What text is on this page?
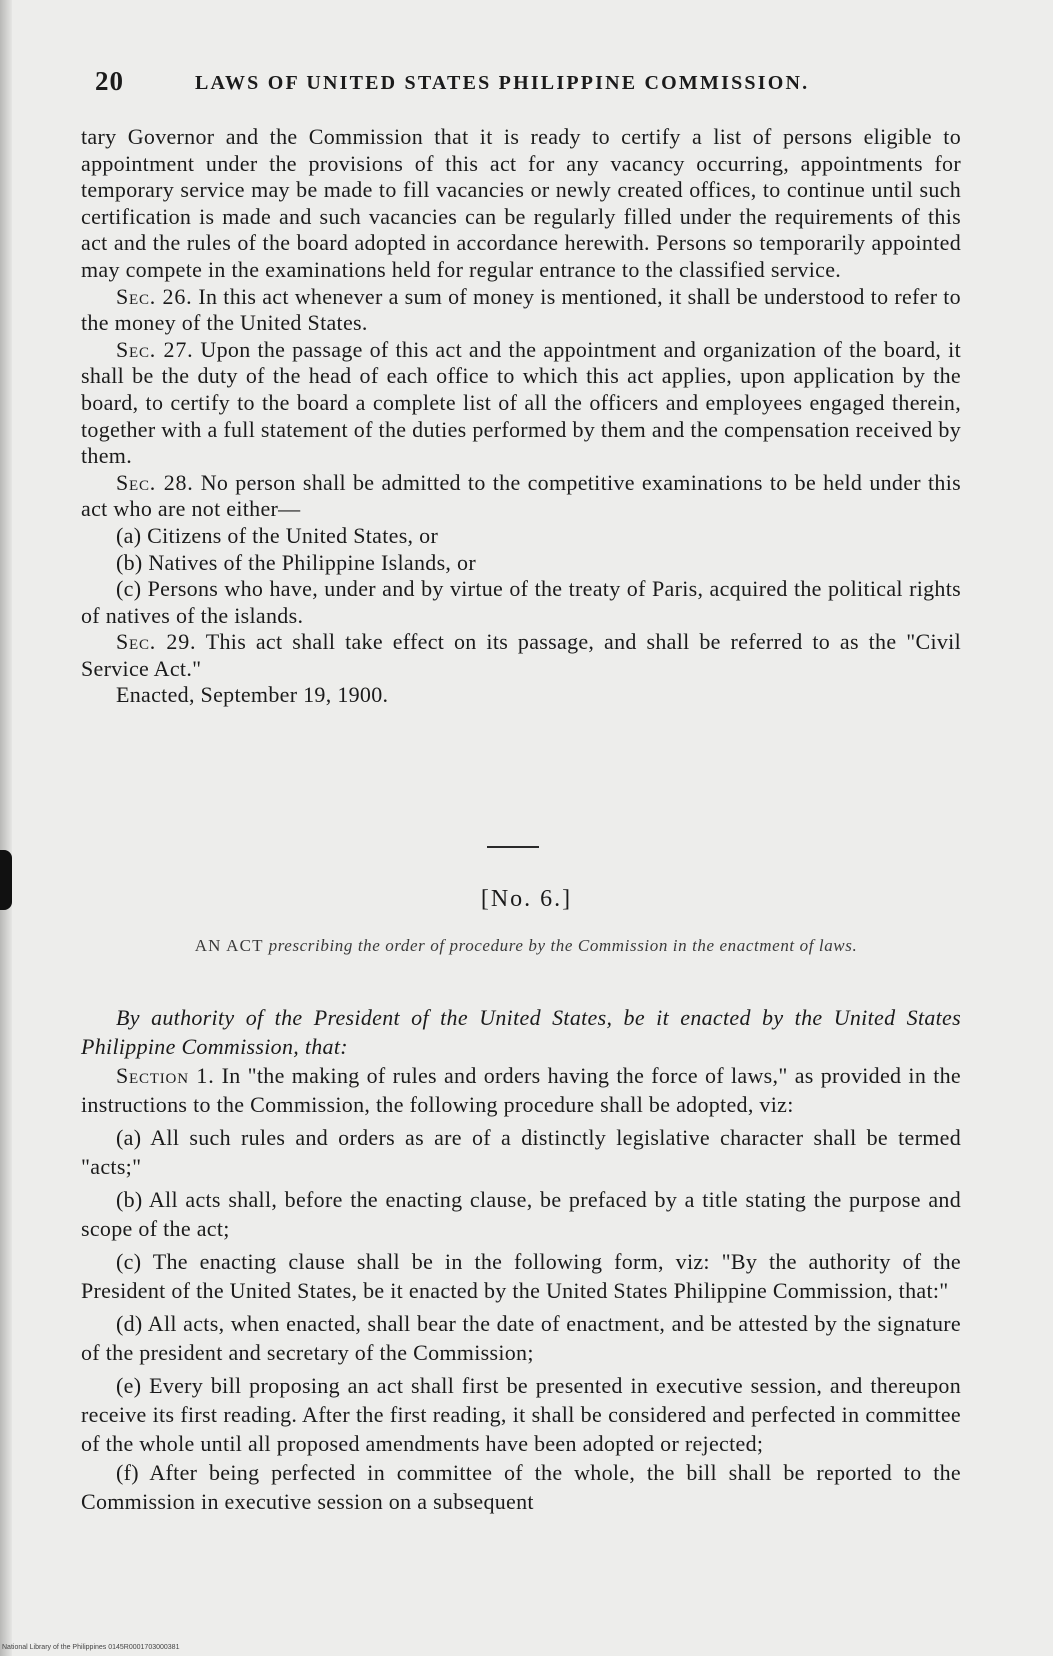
20	LAWS OF UNITED STATES PHILIPPINE COMMISSION.

tary Governor and the Commission that it is ready to certify a list of persons eligible to appointment under the provisions of this act for any vacancy occurring, appointments for temporary service may be made to fill vacancies or newly created offices, to continue until such certification is made and such vacancies can be regularly filled under the requirements of this act and the rules of the board adopted in accordance herewith. Persons so temporarily appointed may compete in the examinations held for regular entrance to the classified service.

Sec. 26. In this act whenever a sum of money is mentioned, it shall be understood to refer to the money of the United States.

Sec. 27. Upon the passage of this act and the appointment and organization of the board, it shall be the duty of the head of each office to which this act applies, upon application by the board, to certify to the board a complete list of all the officers and employees engaged therein, together with a full statement of the duties performed by them and the compensation received by them.

Sec. 28. No person shall be admitted to the competitive examinations to be held under this act who are not either—

(a) Citizens of the United States, or

(b) Natives of the Philippine Islands, or

(c) Persons who have, under and by virtue of the treaty of Paris, acquired the political rights of natives of the islands.

Sec. 29. This act shall take effect on its passage, and shall be referred to as the "Civil Service Act."

Enacted, September 19, 1900.

[No. 6.]
AN ACT prescribing the order of procedure by the Commission in the enactment of laws.

By authority of the President of the United States, be it enacted by the United States Philippine Commission, that:

Section 1. In "the making of rules and orders having the force of laws," as provided in the instructions to the Commission, the following procedure shall be adopted, viz:

(a) All such rules and orders as are of a distinctly legislative character shall be termed "acts;"

(b) All acts shall, before the enacting clause, be prefaced by a title stating the purpose and scope of the act;

(c) The enacting clause shall be in the following form, viz: "By the authority of the President of the United States, be it enacted by the United States Philippine Commission, that:"

(d) All acts, when enacted, shall bear the date of enactment, and be attested by the signature of the president and secretary of the Commission;

(e) Every bill proposing an act shall first be presented in executive session, and thereupon receive its first reading. After the first reading, it shall be considered and perfected in committee of the whole until all proposed amendments have been adopted or rejected;

(f) After being perfected in committee of the whole, the bill shall be reported to the Commission in executive session on a subsequent

National Library of the Philippines 0145R0001703000381
